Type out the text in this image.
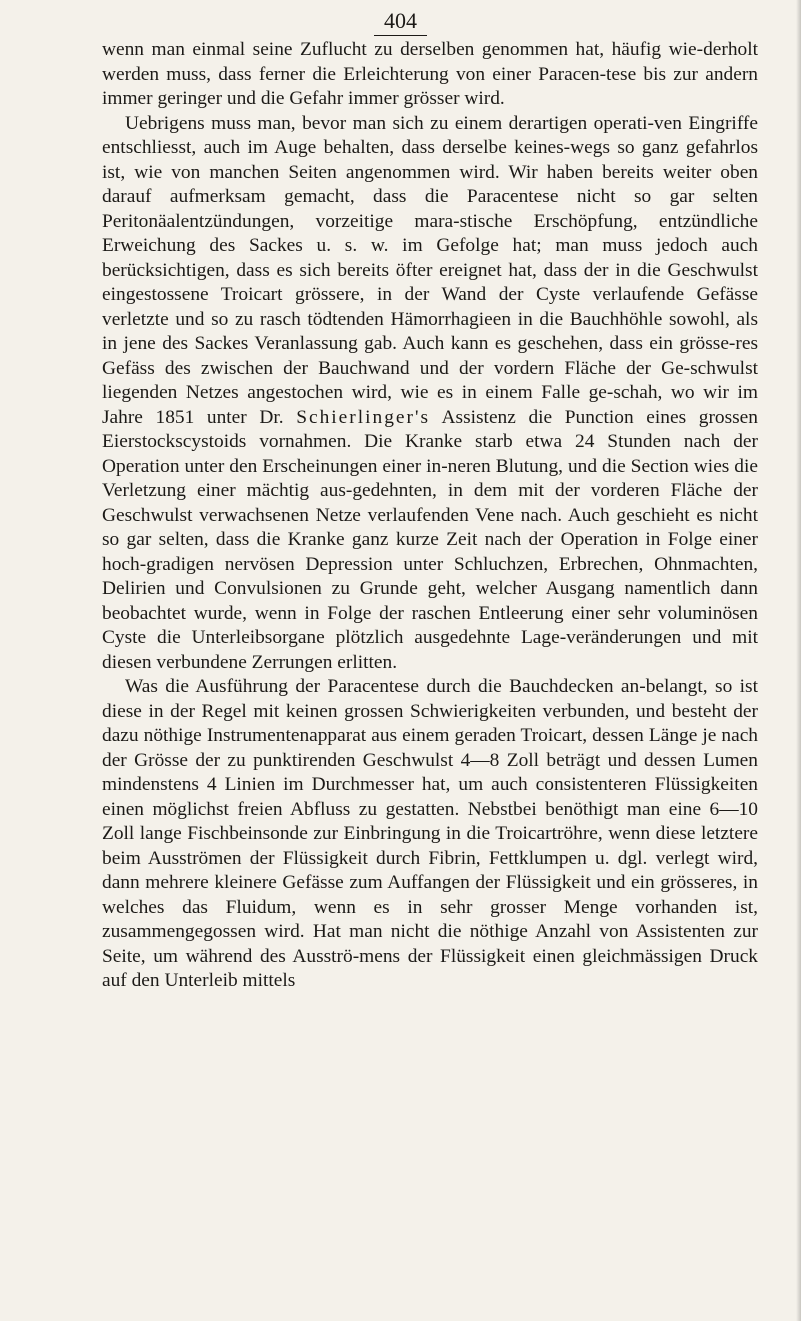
404

wenn man einmal seine Zuflucht zu derselben genommen hat, häufig wie-derholt werden muss, dass ferner die Erleichterung von einer Paracen-tese bis zur andern immer geringer und die Gefahr immer grösser wird.

Uebrigens muss man, bevor man sich zu einem derartigen operati-ven Eingriffe entschliesst, auch im Auge behalten, dass derselbe keines-wegs so ganz gefahrlos ist, wie von manchen Seiten angenommen wird. Wir haben bereits weiter oben darauf aufmerksam gemacht, dass die Paracentese nicht so gar selten Peritonäalentzündungen, vorzeitige mara-stische Erschöpfung, entzündliche Erweichung des Sackes u. s. w. im Gefolge hat; man muss jedoch auch berücksichtigen, dass es sich bereits öfter ereignet hat, dass der in die Geschwulst eingestossene Troicart grössere, in der Wand der Cyste verlaufende Gefässe verletzte und so zu rasch tödtenden Hämorrhagieen in die Bauchhöhle sowohl, als in jene des Sackes Veranlassung gab. Auch kann es geschehen, dass ein grösse-res Gefäss des zwischen der Bauchwand und der vordern Fläche der Ge-schwulst liegenden Netzes angestochen wird, wie es in einem Falle ge-schah, wo wir im Jahre 1851 unter Dr. Schierlinger's Assistenz die Punction eines grossen Eierstockscystoids vornahmen. Die Kranke starb etwa 24 Stunden nach der Operation unter den Erscheinungen einer in-neren Blutung, und die Section wies die Verletzung einer mächtig aus-gedehnten, in dem mit der vorderen Fläche der Geschwulst verwachsenen Netze verlaufenden Vene nach. Auch geschieht es nicht so gar selten, dass die Kranke ganz kurze Zeit nach der Operation in Folge einer hoch-gradigen nervösen Depression unter Schluchzen, Erbrechen, Ohnmachten, Delirien und Convulsionen zu Grunde geht, welcher Ausgang namentlich dann beobachtet wurde, wenn in Folge der raschen Entleerung einer sehr voluminösen Cyste die Unterleibsorgane plötzlich ausgedehnte Lage-veränderungen und mit diesen verbundene Zerrungen erlitten.

Was die Ausführung der Paracentese durch die Bauchdecken an-belangt, so ist diese in der Regel mit keinen grossen Schwierigkeiten verbunden, und besteht der dazu nöthige Instrumentenapparat aus einem geraden Troicart, dessen Länge je nach der Grösse der zu punktirenden Geschwulst 4—8 Zoll beträgt und dessen Lumen mindenstens 4 Linien im Durchmesser hat, um auch consistenteren Flüssigkeiten einen möglichst freien Abfluss zu gestatten. Nebstbei benöthigt man eine 6—10 Zoll lange Fischbeinsonde zur Einbringung in die Troicartröhre, wenn diese letztere beim Ausströmen der Flüssigkeit durch Fibrin, Fettklumpen u. dgl. verlegt wird, dann mehrere kleinere Gefässe zum Auffangen der Flüssigkeit und ein grösseres, in welches das Fluidum, wenn es in sehr grosser Menge vorhanden ist, zusammengegossen wird. Hat man nicht die nöthige Anzahl von Assistenten zur Seite, um während des Ausströ-mens der Flüssigkeit einen gleichmässigen Druck auf den Unterleib mittels
